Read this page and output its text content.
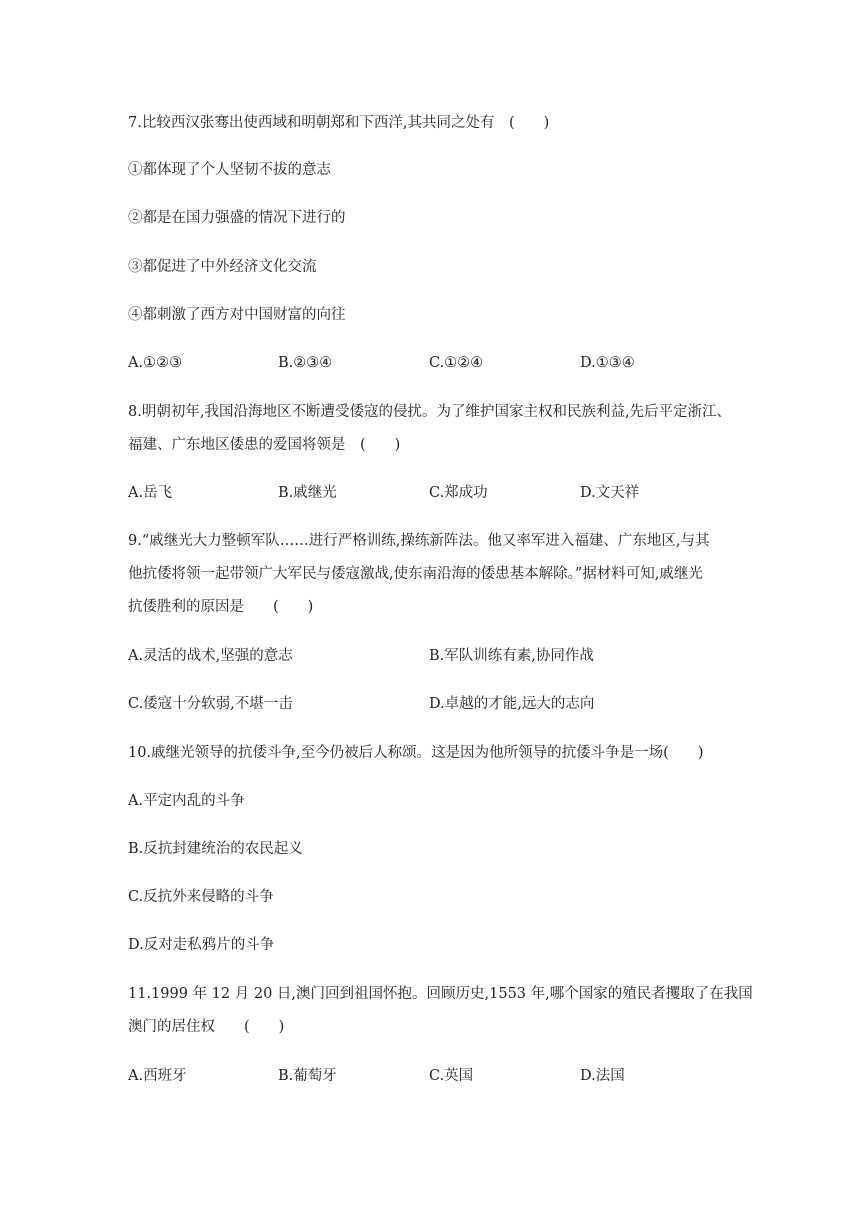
7.比较西汉张骞出使西域和明朝郑和下西洋,其共同之处有　(　　)
①都体现了个人坚韧不拔的意志
②都是在国力强盛的情况下进行的
③都促进了中外经济文化交流
④都刺激了西方对中国财富的向往
A.①②③	B.②③④	C.①②④	D.①③④
8.明朝初年,我国沿海地区不断遭受倭寇的侵扰。为了维护国家主权和民族利益,先后平定浙江、
福建、广东地区倭患的爱国将领是　(　　)
A.岳飞	B.戚继光	C.郑成功	D.文天祥
9.“戚继光大力整顿军队……进行严格训练,操练新阵法。他又率军进入福建、广东地区,与其
他抗倭将领一起带领广大军民与倭寇激战,使东南沿海的倭患基本解除。”据材料可知,戚继光
抗倭胜利的原因是　　(　　)
A.灵活的战术,坚强的意志	B.军队训练有素,协同作战
C.倭寇十分软弱,不堪一击	D.卓越的才能,远大的志向
10.戚继光领导的抗倭斗争,至今仍被后人称颂。这是因为他所领导的抗倭斗争是一场(　　)
A.平定内乱的斗争
B.反抗封建统治的农民起义
C.反抗外来侵略的斗争
D.反对走私鸦片的斗争
11.1999 年 12 月 20 日,澳门回到祖国怀抱。回顾历史,1553 年,哪个国家的殖民者攫取了在我国
澳门的居住权　　(　　)
A.西班牙	B.葡萄牙	C.英国	D.法国
